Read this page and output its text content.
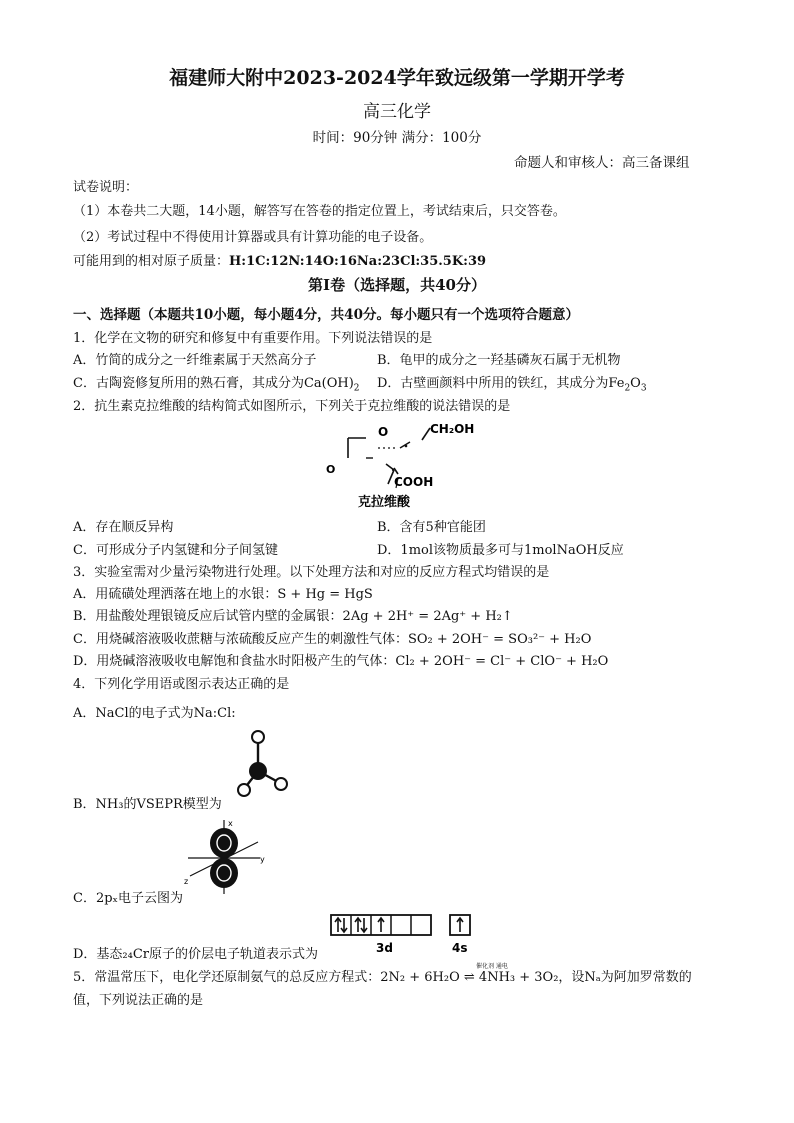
福建师大附中2023-2024学年致远级第一学期开学考
高三化学
时间：90分钟 满分：100分
命题人和审核人：高三备课组
试卷说明：
（1）本卷共二大题，14小题，解答写在答卷的指定位置上，考试结束后，只交答卷。
（2）考试过程中不得使用计算器或具有计算功能的电子设备。
可能用到的相对原子质量：H:1C:12N:14O:16Na:23Cl:35.5K:39
第Ⅰ卷（选择题，共40分）
一、选择题（本题共10小题，每小题4分，共40分。每小题只有一个选项符合题意）
1．化学在文物的研究和修复中有重要作用。下列说法错误的是
A．竹简的成分之一纤维素属于天然高分子	B．龟甲的成分之一羟基磷灰石属于无机物
C．古陶瓷修复所用的熟石膏，其成分为$Ca(OH)_2$ D．古壁画颜料中所用的铁红，其成分为$Fe_2O_3$
2．抗生素克拉维酸的结构简式如图所示，下列关于克拉维酸的说法错误的是
O	CH₂OH
O
COOH
克拉维酸
A．存在顺反异构	B．含有5种官能团
C．可形成分子内氢键和分子间氢键	D．1mol该物质最多可与1molNaOH反应
3．实验室需对少量污染物进行处理。以下处理方法和对应的反应方程式均错误的是
A．用硫磺处理洒落在地上的水银：S + Hg = HgS
B．用盐酸处理银镜反应后试管内壁的金属银：2Ag + 2H⁺ = 2Ag⁺ + H₂↑
C．用烧碱溶液吸收蔗糖与浓硫酸反应产生的刺激性气体：SO₂ + 2OH⁻ = SO₃²⁻ + H₂O
D．用烧碱溶液吸收电解饱和食盐水时阳极产生的气体：Cl₂ + 2OH⁻ = Cl⁻ + ClO⁻ + H₂O
4．下列化学用语或图示表达正确的是
A．NaCl的电子式为Na:Cl:
B．NH₃的VSEPR模型为
x
y
z
C．2pₓ电子云图为
3d	4s
D．基态₂₄Cr原子的价层电子轨道表示式为
5．常温常压下，电化学还原制氨气的总反应方程式：2N₂ + 6H₂O ⇌ 4NH₃ + 3O₂，设Nₐ为阿加罗常数的
催化剂 通电
值，下列说法正确的是
